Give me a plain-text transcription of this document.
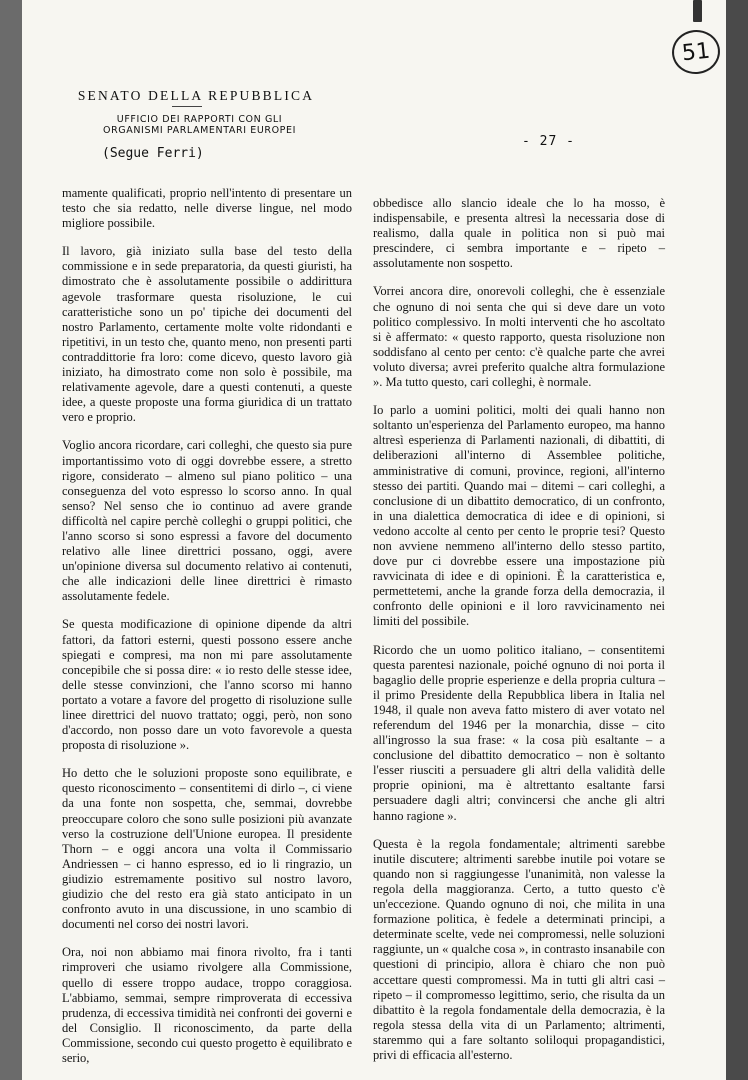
51
SENATO DELLA REPUBBLICA
UFFICIO DEI RAPPORTI CON GLI
ORGANISMI PARLAMENTARI EUROPEI
(Segue Ferri)
- 27 -

mamente qualificati, proprio nell'intento di presentare un testo che sia redatto, nelle diverse lingue, nel modo migliore possibile.

Il lavoro, già iniziato sulla base del testo della commissione e in sede preparatoria, da questi giuristi, ha dimostrato che è assolutamente possibile o addirittura agevole trasformare questa risoluzione, le cui caratteristiche sono un po' tipiche dei documenti del nostro Parlamento, certamente molte volte ridondanti e ripetitivi, in un testo che, quanto meno, non presenti parti contraddittorie fra loro: come dicevo, questo lavoro già iniziato, ha dimostrato come non solo è possibile, ma relativamente agevole, dare a questi contenuti, a queste idee, a queste proposte una forma giuridica di un trattato vero e proprio.

Voglio ancora ricordare, cari colleghi, che questo sia pure importantissimo voto di oggi dovrebbe essere, a stretto rigore, considerato – almeno sul piano politico – una conseguenza del voto espresso lo scorso anno. In qual senso? Nel senso che io continuo ad avere grande difficoltà nel capire perchè colleghi o gruppi politici, che l'anno scorso si sono espressi a favore del documento relativo alle linee direttrici possano, oggi, avere un'opinione diversa sul documento relativo ai contenuti, che alle indicazioni delle linee direttrici è rimasto assolutamente fedele.

Se questa modificazione di opinione dipende da altri fattori, da fattori esterni, questi possono essere anche spiegati e compresi, ma non mi pare assolutamente concepibile che si possa dire: « io resto delle stesse idee, delle stesse convinzioni, che l'anno scorso mi hanno portato a votare a favore del progetto di risoluzione sulle linee direttrici del nuovo trattato; oggi, però, non sono d'accordo, non posso dare un voto favorevole a questa proposta di risoluzione ».

Ho detto che le soluzioni proposte sono equilibrate, e questo riconoscimento – consentitemi di dirlo –, ci viene da una fonte non sospetta, che, semmai, dovrebbe preoccupare coloro che sono sulle posizioni più avanzate verso la costruzione dell'Unione europea. Il presidente Thorn – e oggi ancora una volta il Commissario Andriessen – ci hanno espresso, ed io li ringrazio, un giudizio estremamente positivo sul nostro lavoro, giudizio che del resto era già stato anticipato in un confronto avuto in una discussione, in uno scambio di documenti nel corso dei nostri lavori.

Ora, noi non abbiamo mai finora rivolto, fra i tanti rimproveri che usiamo rivolgere alla Commissione, quello di essere troppo audace, troppo coraggiosa. L'abbiamo, semmai, sempre rimproverata di eccessiva prudenza, di eccessiva timidità nei confronti dei governi e del Consiglio. Il riconoscimento, da parte della Commissione, secondo cui questo progetto è equilibrato e serio,

obbedisce allo slancio ideale che lo ha mosso, è indispensabile, e presenta altresì la necessaria dose di realismo, dalla quale in politica non si può mai prescindere, ci sembra importante e – ripeto – assolutamente non sospetto.

Vorrei ancora dire, onorevoli colleghi, che è essenziale che ognuno di noi senta che qui si deve dare un voto politico complessivo. In molti interventi che ho ascoltato si è affermato: « questo rapporto, questa risoluzione non soddisfano al cento per cento: c'è qualche parte che avrei voluto diversa; avrei preferito qualche altra formulazione ». Ma tutto questo, cari colleghi, è normale.

Io parlo a uomini politici, molti dei quali hanno non soltanto un'esperienza del Parlamento europeo, ma hanno altresì esperienza di Parlamenti nazionali, di dibattiti, di deliberazioni all'interno di Assemblee politiche, amministrative di comuni, province, regioni, all'interno stesso dei partiti. Quando mai – ditemi – cari colleghi, a conclusione di un dibattito democratico, di un confronto, in una dialettica democratica di idee e di opinioni, si vedono accolte al cento per cento le proprie tesi? Questo non avviene nemmeno all'interno dello stesso partito, dove pur ci dovrebbe essere una impostazione più ravvicinata di idee e di opinioni. È la caratteristica e, permettetemi, anche la grande forza della democrazia, il confronto delle opinioni e il loro ravvicinamento nei limiti del possibile.

Ricordo che un uomo politico italiano, – consentitemi questa parentesi nazionale, poiché ognuno di noi porta il bagaglio delle proprie esperienze e della propria cultura – il primo Presidente della Repubblica libera in Italia nel 1948, il quale non aveva fatto mistero di aver votato nel referendum del 1946 per la monarchia, disse – cito all'ingrosso la sua frase: « la cosa più esaltante – a conclusione del dibattito democratico – non è soltanto l'esser riusciti a persuadere gli altri della validità delle proprie opinioni, ma è altrettanto esaltante farsi persuadere dagli altri; convincersi che anche gli altri hanno ragione ».

Questa è la regola fondamentale; altrimenti sarebbe inutile discutere; altrimenti sarebbe inutile poi votare se quando non si raggiungesse l'unanimità, non valesse la regola della maggioranza. Certo, a tutto questo c'è un'eccezione. Quando ognuno di noi, che milita in una formazione politica, è fedele a determinati principi, a determinate scelte, vede nei compromessi, nelle soluzioni raggiunte, un « qualche cosa », in contrasto insanabile con questioni di principio, allora è chiaro che non può accettare questi compromessi. Ma in tutti gli altri casi – ripeto – il compromesso legittimo, serio, che risulta da un dibattito è la regola fondamentale della democrazia, è la regola stessa della vita di un Parlamento; altrimenti, staremmo qui a fare soltanto soliloqui propagandistici, privi di efficacia all'esterno.
